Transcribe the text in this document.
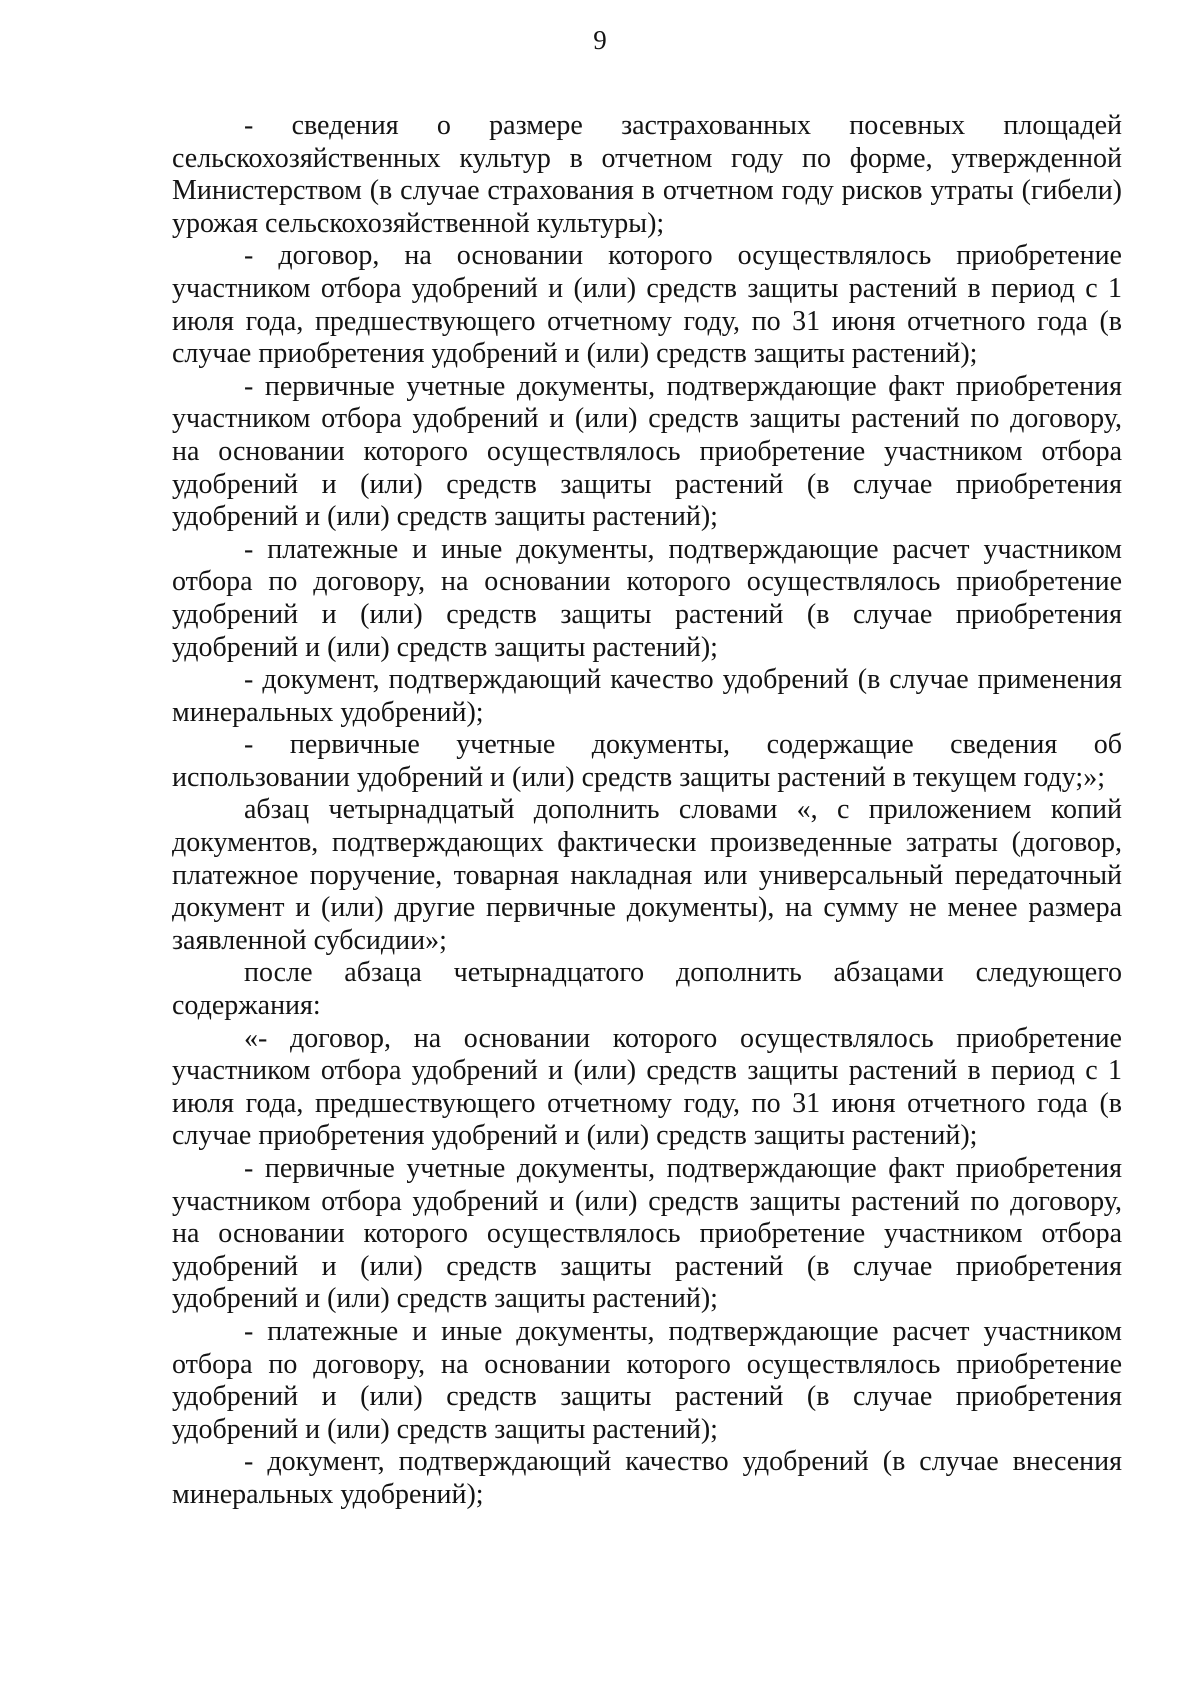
9

- сведения о размере застрахованных посевных площадей сельскохозяйственных культур в отчетном году по форме, утвержденной Министерством (в случае страхования в отчетном году рисков утраты (гибели) урожая сельскохозяйственной культуры);

- договор, на основании которого осуществлялось приобретение участником отбора удобрений и (или) средств защиты растений в период с 1 июля года, предшествующего отчетному году, по 31 июня отчетного года (в случае приобретения удобрений и (или) средств защиты растений);

- первичные учетные документы, подтверждающие факт приобретения участником отбора удобрений и (или) средств защиты растений по договору, на основании которого осуществлялось приобретение участником отбора удобрений и (или) средств защиты растений (в случае приобретения удобрений и (или) средств защиты растений);

- платежные и иные документы, подтверждающие расчет участником отбора по договору, на основании которого осуществлялось приобретение удобрений и (или) средств защиты растений (в случае приобретения удобрений и (или) средств защиты растений);

- документ, подтверждающий качество удобрений (в случае применения минеральных удобрений);

- первичные учетные документы, содержащие сведения об использовании удобрений и (или) средств защиты растений в текущем году;»;

абзац четырнадцатый дополнить словами «, с приложением копий документов, подтверждающих фактически произведенные затраты (договор, платежное поручение, товарная накладная или универсальный передаточный документ и (или) другие первичные документы), на сумму не менее размера заявленной субсидии»;

после абзаца четырнадцатого дополнить абзацами следующего содержания:

«- договор, на основании которого осуществлялось приобретение участником отбора удобрений и (или) средств защиты растений в период с 1 июля года, предшествующего отчетному году, по 31 июня отчетного года (в случае приобретения удобрений и (или) средств защиты растений);

- первичные учетные документы, подтверждающие факт приобретения участником отбора удобрений и (или) средств защиты растений по договору, на основании которого осуществлялось приобретение участником отбора удобрений и (или) средств защиты растений (в случае приобретения удобрений и (или) средств защиты растений);

- платежные и иные документы, подтверждающие расчет участником отбора по договору, на основании которого осуществлялось приобретение удобрений и (или) средств защиты растений (в случае приобретения удобрений и (или) средств защиты растений);

- документ, подтверждающий качество удобрений (в случае внесения минеральных удобрений);
